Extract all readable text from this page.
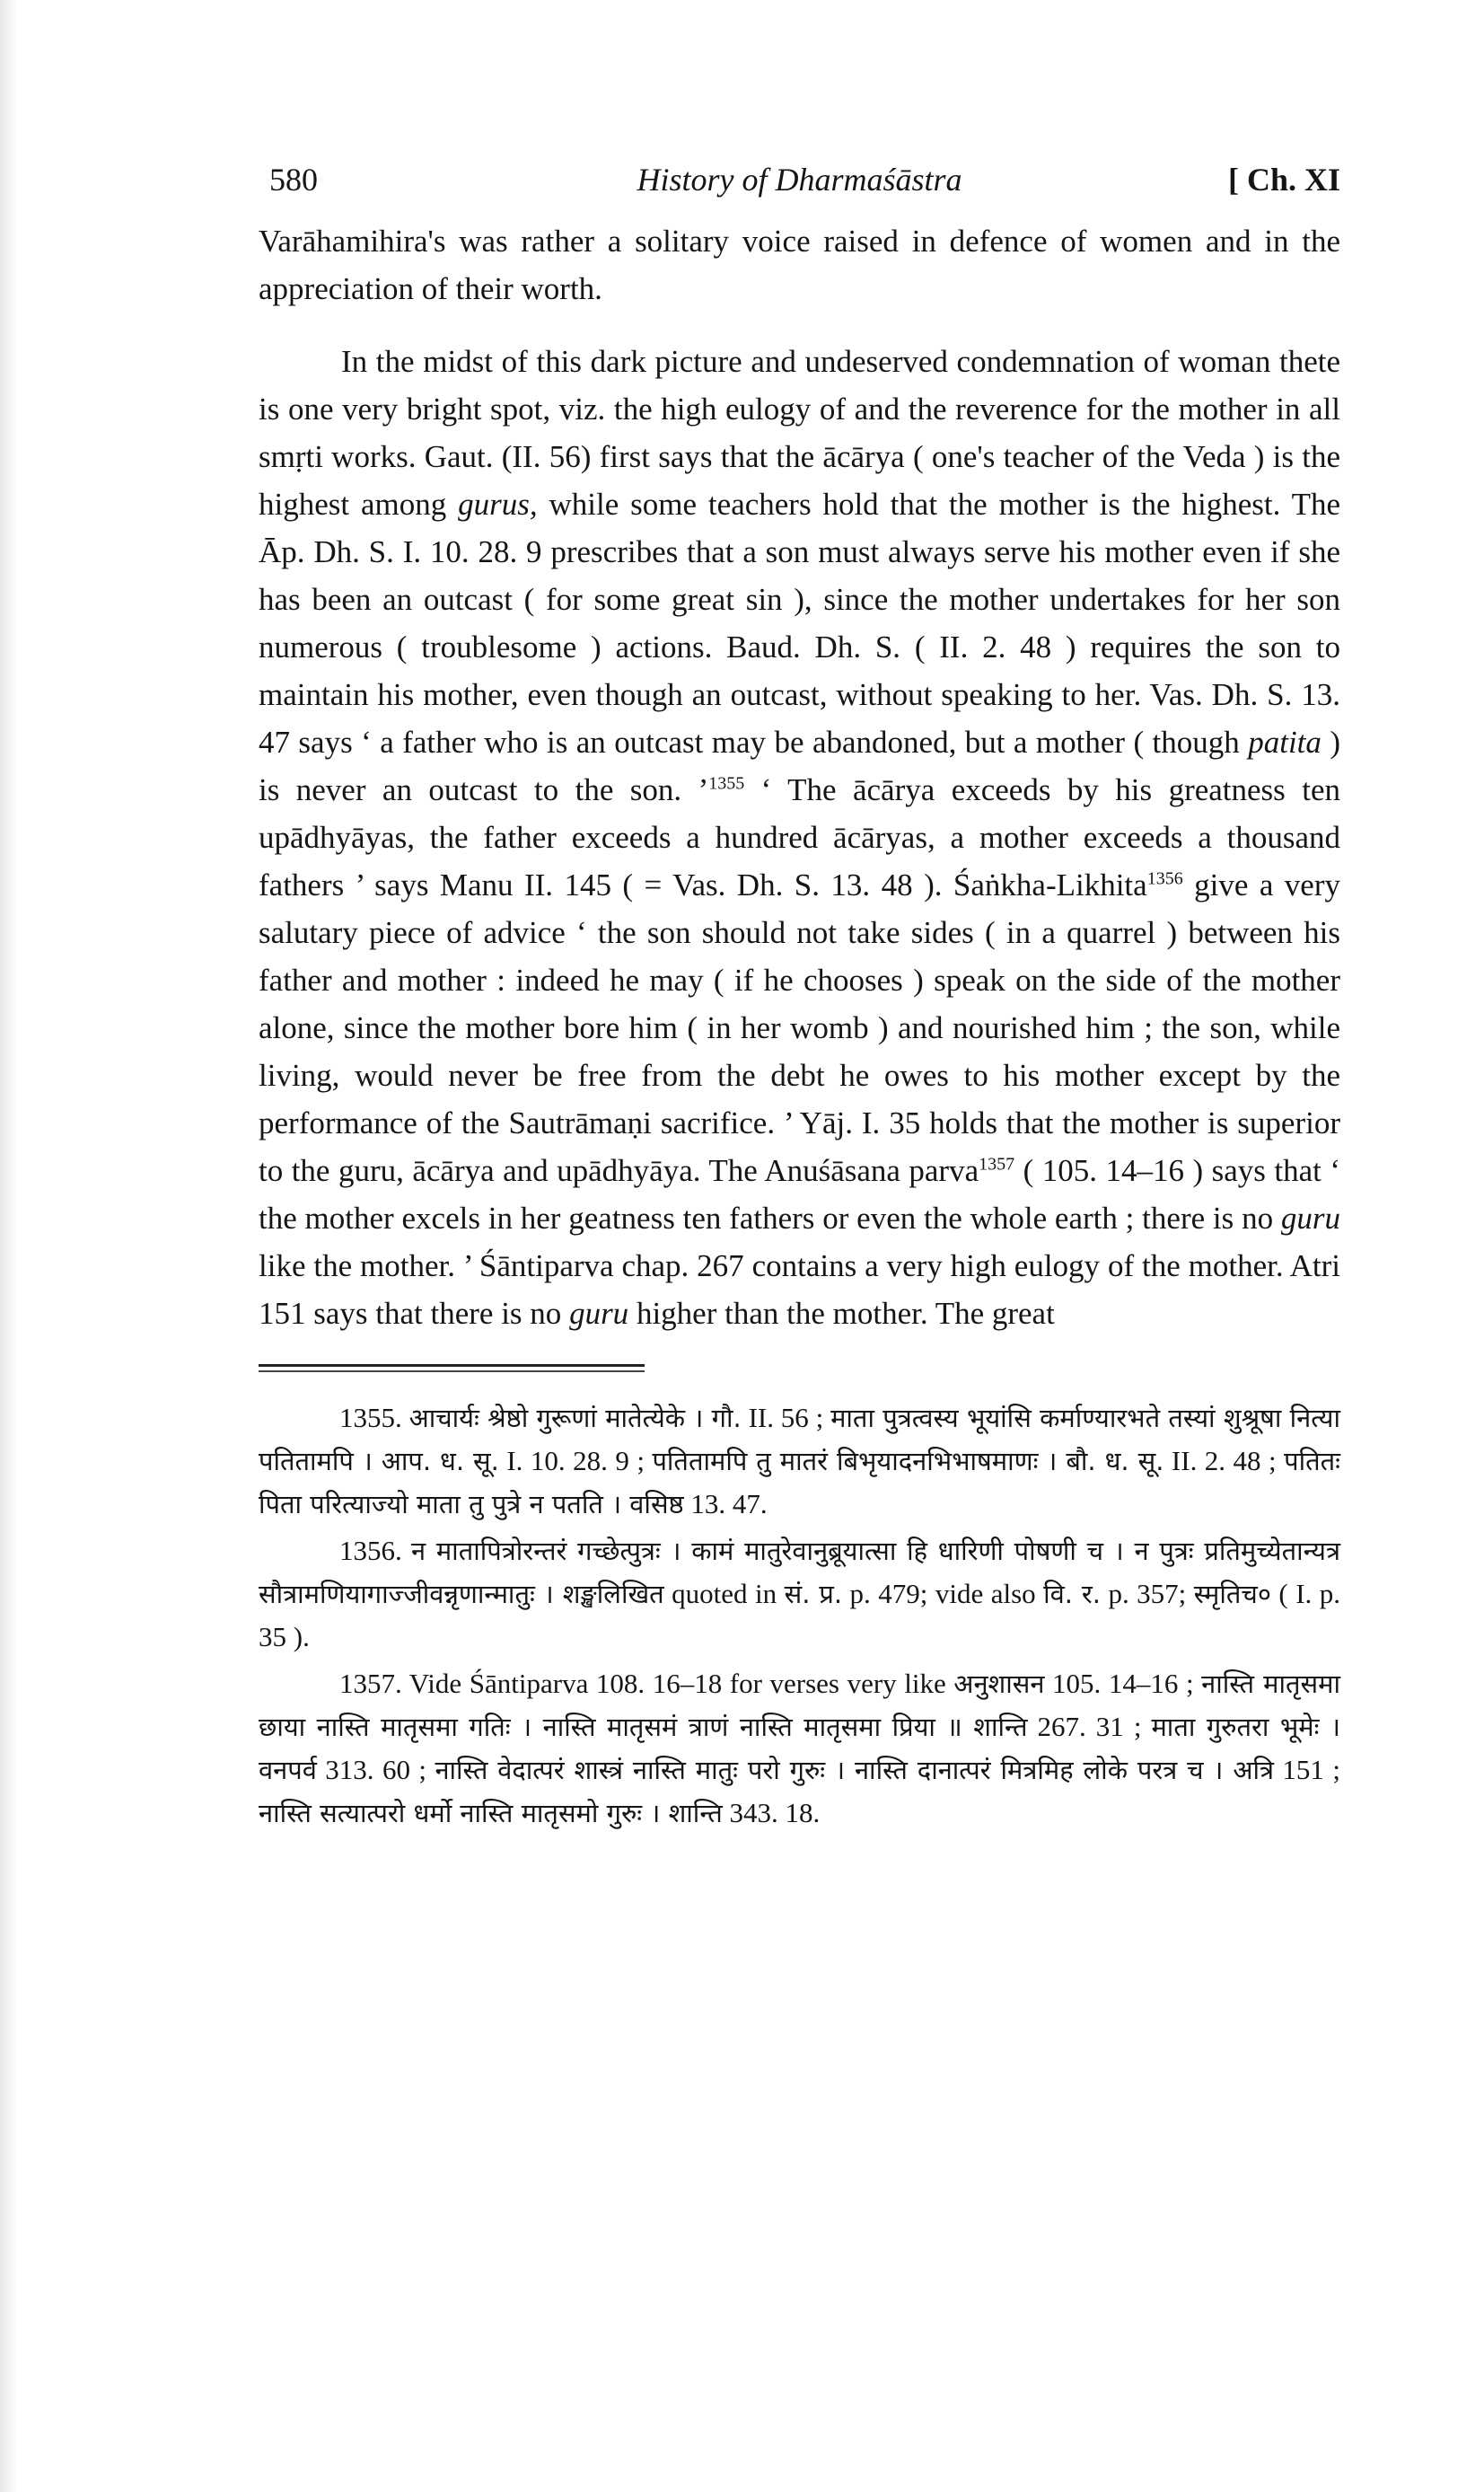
580	History of Dharmaśāstra	[ Ch. XI

Varāhamihira's was rather a solitary voice raised in defence of women and in the appreciation of their worth.

In the midst of this dark picture and undeserved condemnation of woman thete is one very bright spot, viz. the high eulogy of and the reverence for the mother in all smṛti works. Gaut. (II. 56) first says that the ācārya ( one's teacher of the Veda ) is the highest among gurus, while some teachers hold that the mother is the highest. The Āp. Dh. S. I. 10. 28. 9 prescribes that a son must always serve his mother even if she has been an outcast ( for some great sin ), since the mother undertakes for her son numerous ( troublesome ) actions. Baud. Dh. S. ( II. 2. 48 ) requires the son to maintain his mother, even though an outcast, without speaking to her. Vas. Dh. S. 13. 47 says ‘ a father who is an outcast may be abandoned, but a mother ( though patita ) is never an outcast to the son. ’$^{1355}$ ‘ The ācārya exceeds by his greatness ten upādhyāyas, the father exceeds a hundred ācāryas, a mother exceeds a thousand fathers ’ says Manu II. 145 ( = Vas. Dh. S. 13. 48 ). Śaṅkha-Likhita$^{1356}$ give a very salutary piece of advice ‘ the son should not take sides ( in a quarrel ) between his father and mother : indeed he may ( if he chooses ) speak on the side of the mother alone, since the mother bore him ( in her womb ) and nourished him ; the son, while living, would never be free from the debt he owes to his mother except by the performance of the Sautrāmaṇi sacrifice. ’ Yāj. I. 35 holds that the mother is superior to the guru, ācārya and upādhyāya. The Anuśāsana parva$^{1357}$ ( 105. 14–16 ) says that ‘ the mother excels in her geatness ten fathers or even the whole earth ; there is no guru like the mother. ’ Śāntiparva chap. 267 contains a very high eulogy of the mother. Atri 151 says that there is no guru higher than the mother. The great

1355. आचार्यः श्रेष्ठो गुरूणां मातेत्येके । गौ. II. 56 ; माता पुत्रत्वस्य भूयांसि कर्माण्यारभते तस्यां शुश्रूषा नित्या पतितामपि । आप. ध. सू. I. 10. 28. 9 ; पतितामपि तु मातरं बिभृयादनभिभाषमाणः । बौ. ध. सू. II. 2. 48 ; पतितः पिता परित्याज्यो माता तु पुत्रे न पतति । वसिष्ठ 13. 47.

1356. न मातापित्रोरन्तरं गच्छेत्पुत्रः । कामं मातुरेवानुब्रूयात्सा हि धारिणी पोषणी च । न पुत्रः प्रतिमुच्येतान्यत्र सौत्रामणियागाज्जीवन्नृणान्मातुः । शङ्खलिखित quoted in सं. प्र. p. 479; vide also वि. र. p. 357; स्मृतिच० ( I. p. 35 ).

1357. Vide Śāntiparva 108. 16–18 for verses very like अनुशासन 105. 14–16 ; नास्ति मातृसमा छाया नास्ति मातृसमा गतिः । नास्ति मातृसमं त्राणं नास्ति मातृसमा प्रिया ॥ शान्ति 267. 31 ; माता गुरुतरा भूमेः । वनपर्व 313. 60 ; नास्ति वेदात्परं शास्त्रं नास्ति मातुः परो गुरुः । नास्ति दानात्परं मित्रमिह लोके परत्र च । अत्रि 151 ; नास्ति सत्यात्परो धर्मो नास्ति मातृसमो गुरुः । शान्ति 343. 18.
